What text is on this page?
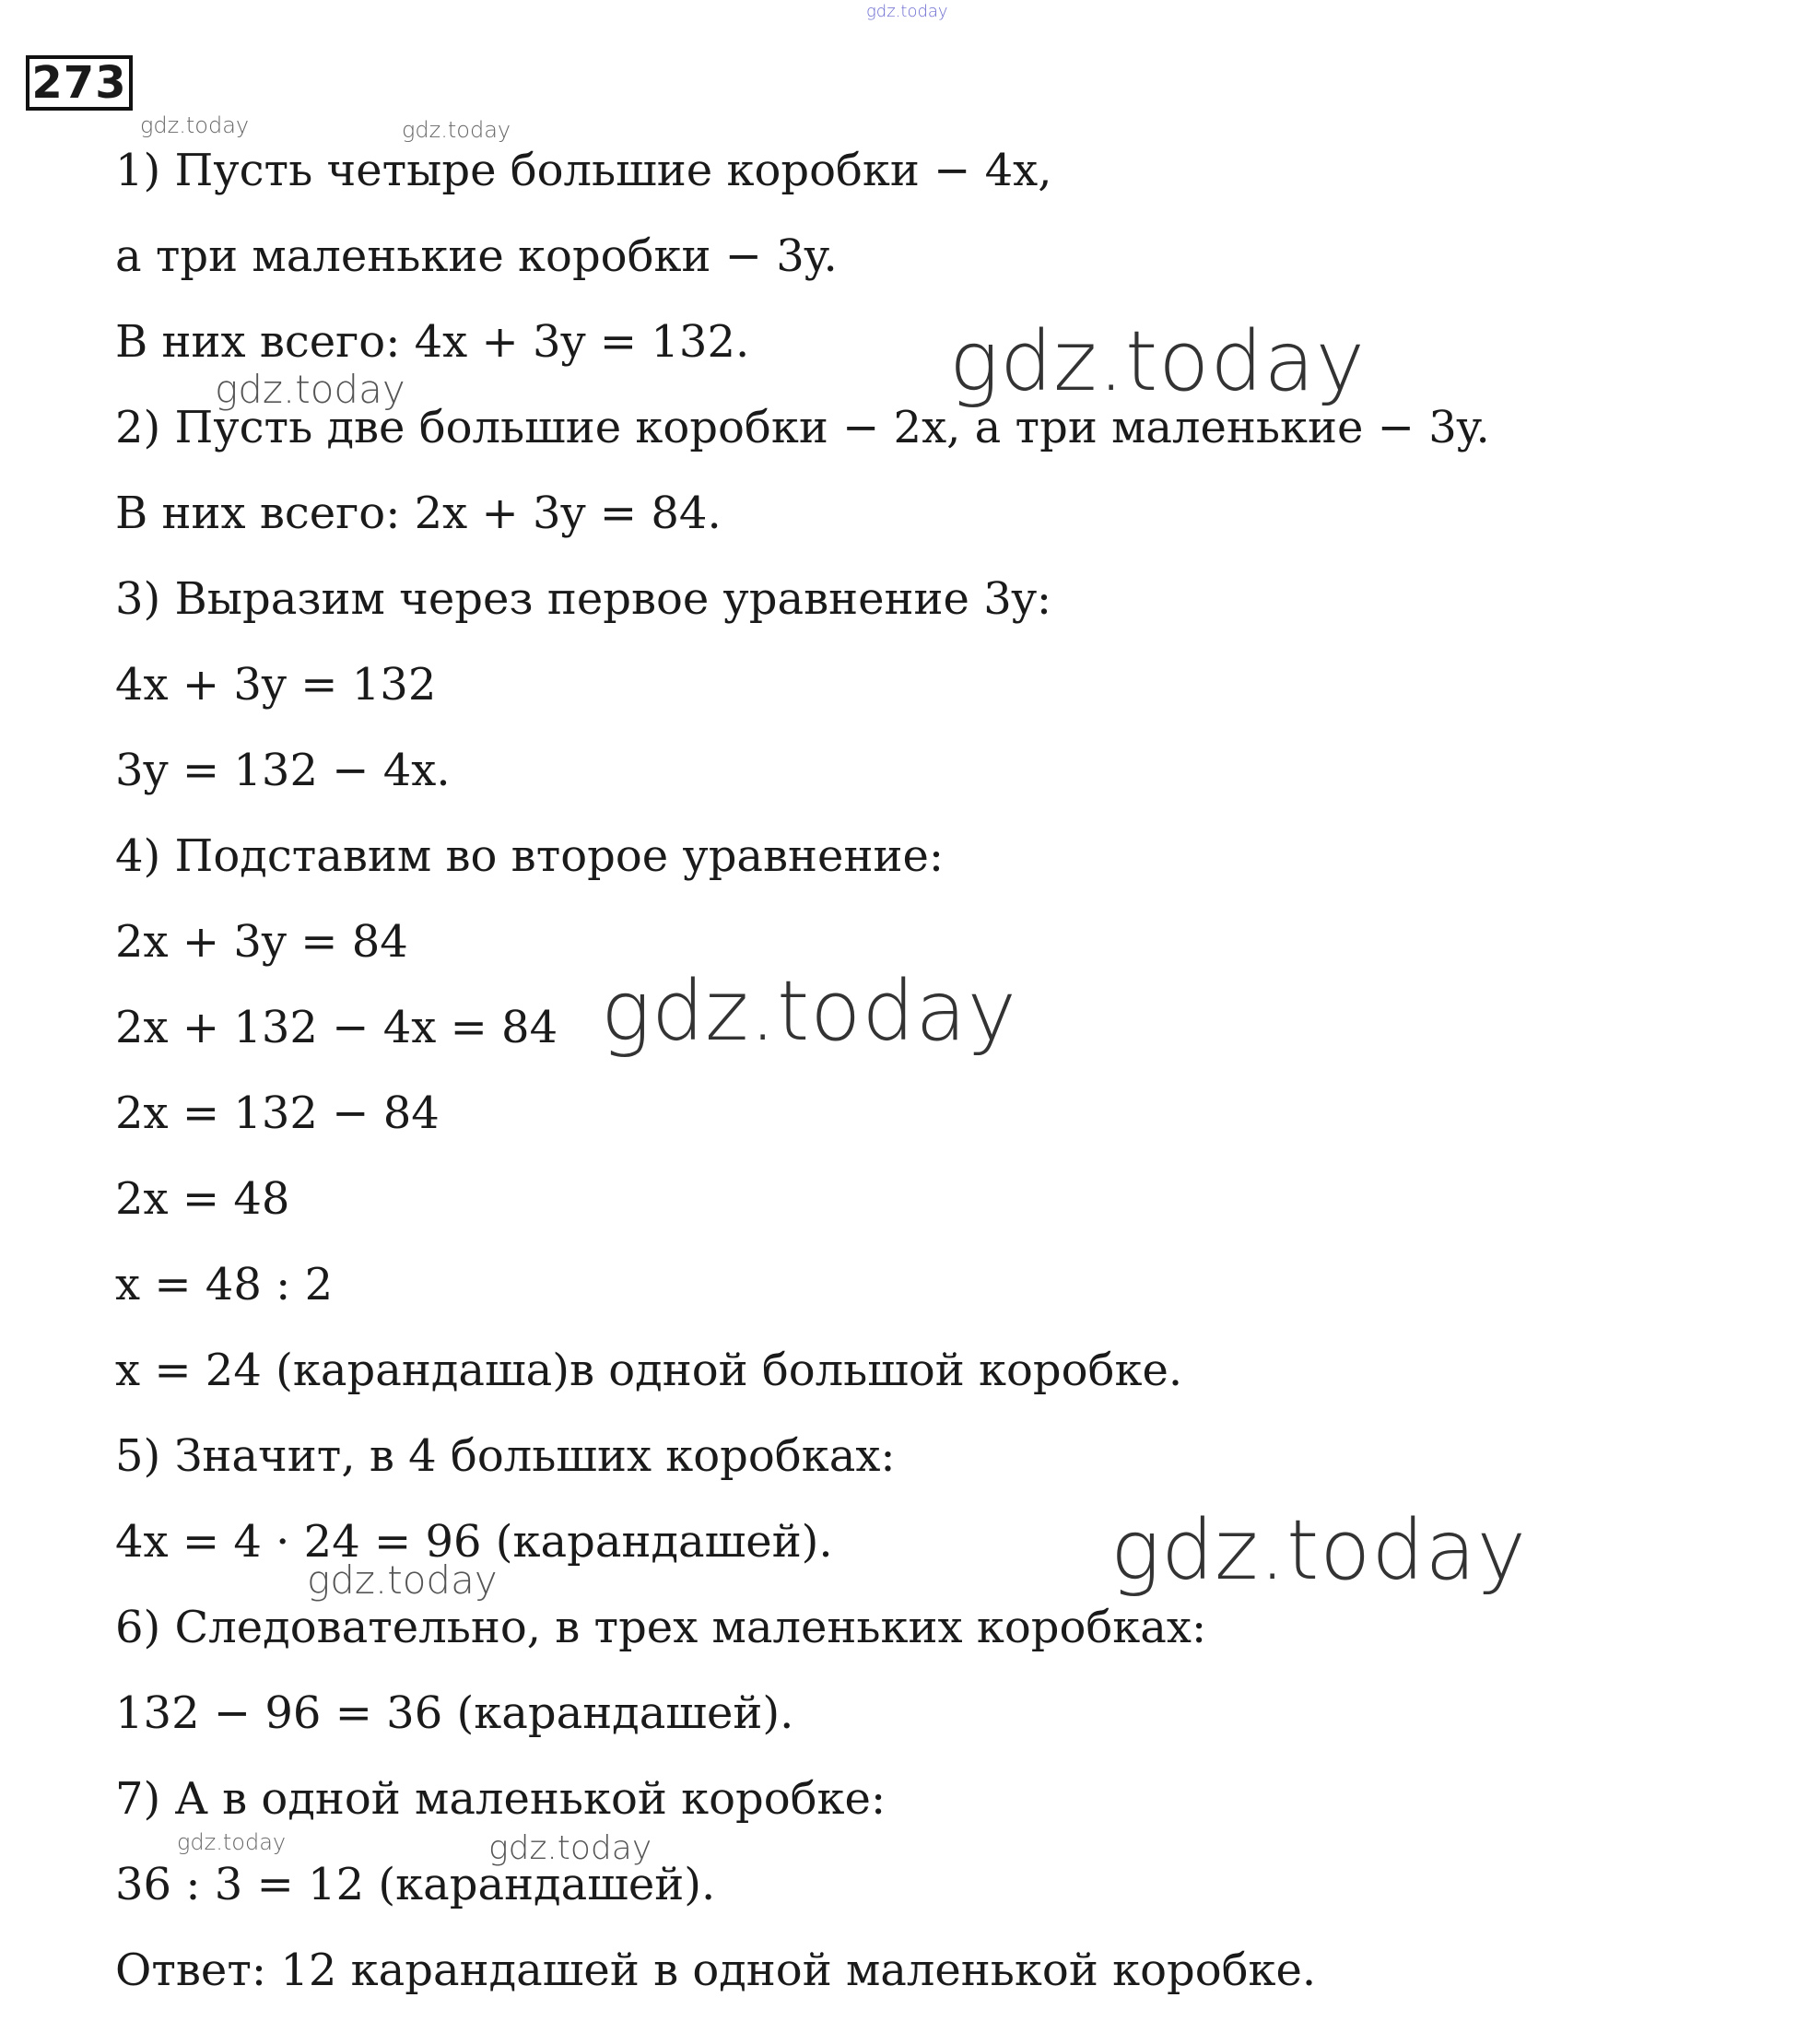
gdz.today
273
gdz.today	gdz.today
1) Пусть четыре большие коробки − 4x,
а три маленькие коробки − 3y.
В них всего: 4x + 3y = 132. gdz.today
gdz.today
2) Пусть две большие коробки − 2x, а три маленькие − 3y.
В них всего: 2x + 3y = 84.
3) Выразим через первое уравнение 3y:
4x + 3y = 132
3y = 132 − 4x.
4) Подставим во второе уравнение:
2x + 3y = 84
2x + 132 − 4x = 84 gdz.today
2x = 132 − 84
2x = 48
x = 48 : 2
x = 24 (карандаша)в одной большой коробке.
5) Значит, в 4 больших коробках:
4x = 4 · 24 = 96 (карандашей).	gdz.today
gdz.today
6) Следовательно, в трех маленьких коробках:
132 − 96 = 36 (карандашей).
7) А в одной маленькой коробке:
gdz.today	gdz.today
36 : 3 = 12 (карандашей).
Ответ: 12 карандашей в одной маленькой коробке.
